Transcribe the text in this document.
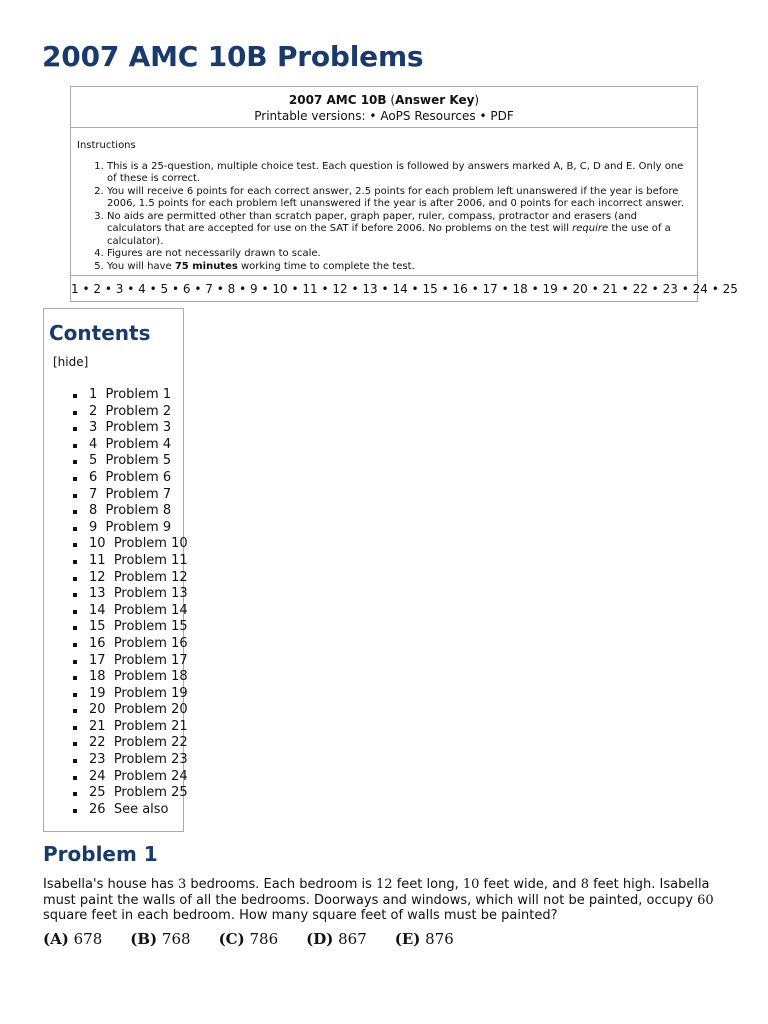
2007 AMC 10B Problems
2007 AMC 10B (Answer Key)
Printable versions: • AoPS Resources • PDF
Instructions
1. This is a 25-question, multiple choice test. Each question is followed by answers marked A, B, C, D and E. Only one of these is correct.
2. You will receive 6 points for each correct answer, 2.5 points for each problem left unanswered if the year is before 2006, 1.5 points for each problem left unanswered if the year is after 2006, and 0 points for each incorrect answer.
3. No aids are permitted other than scratch paper, graph paper, ruler, compass, protractor and erasers (and calculators that are accepted for use on the SAT if before 2006. No problems on the test will require the use of a calculator).
4. Figures are not necessarily drawn to scale.
5. You will have 75 minutes working time to complete the test.
1 • 2 • 3 • 4 • 5 • 6 • 7 • 8 • 9 • 10 • 11 • 12 • 13 • 14 • 15 • 16 • 17 • 18 • 19 • 20 • 21 • 22 • 23 • 24 • 25
Contents
[hide]
1 Problem 1
2 Problem 2
3 Problem 3
4 Problem 4
5 Problem 5
6 Problem 6
7 Problem 7
8 Problem 8
9 Problem 9
10 Problem 10
11 Problem 11
12 Problem 12
13 Problem 13
14 Problem 14
15 Problem 15
16 Problem 16
17 Problem 17
18 Problem 18
19 Problem 19
20 Problem 20
21 Problem 21
22 Problem 22
23 Problem 23
24 Problem 24
25 Problem 25
26 See also
Problem 1

Isabella's house has 3 bedrooms. Each bedroom is 12 feet long, 10 feet wide, and 8 feet high. Isabella must paint the walls of all the bedrooms. Doorways and windows, which will not be painted, occupy 60 square feet in each bedroom. How many square feet of walls must be painted?

(A) 678 (B) 768 (C) 786 (D) 867 (E) 876
